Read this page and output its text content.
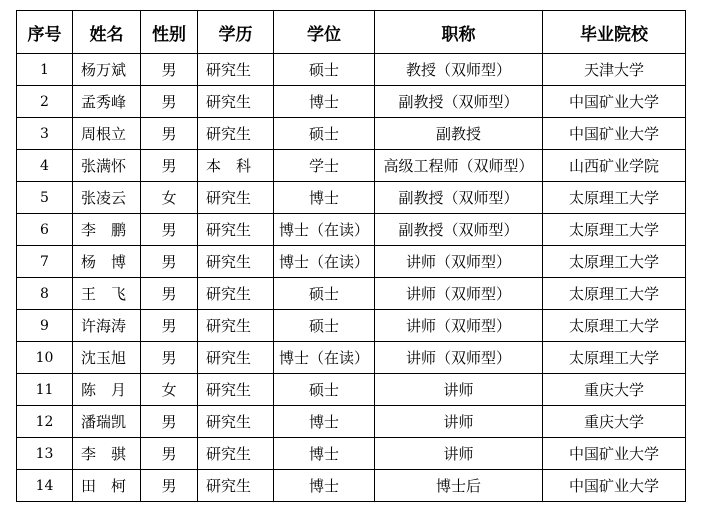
序号	姓名	性别	学历	学位	职称	毕业院校
1	杨万斌	男	研究生	硕士	教授（双师型）	天津大学
2	孟秀峰	男	研究生	博士	副教授（双师型）	中国矿业大学
3	周根立	男	研究生	硕士	副教授	中国矿业大学
4	张满怀	男	本　科	学士	高级工程师（双师型）	山西矿业学院
5	张凌云	女	研究生	博士	副教授（双师型）	太原理工大学
6	李　鹏	男	研究生	博士（在读）	副教授（双师型）	太原理工大学
7	杨　博	男	研究生	博士（在读）	讲师（双师型）	太原理工大学
8	王　飞	男	研究生	硕士	讲师（双师型）	太原理工大学
9	许海涛	男	研究生	硕士	讲师（双师型）	太原理工大学
10	沈玉旭	男	研究生	博士（在读）	讲师（双师型）	太原理工大学
11	陈　月	女	研究生	硕士	讲师	重庆大学
12	潘瑞凯	男	研究生	博士	讲师	重庆大学
13	李　骐	男	研究生	博士	讲师	中国矿业大学
14	田　柯	男	研究生	博士	博士后	中国矿业大学
